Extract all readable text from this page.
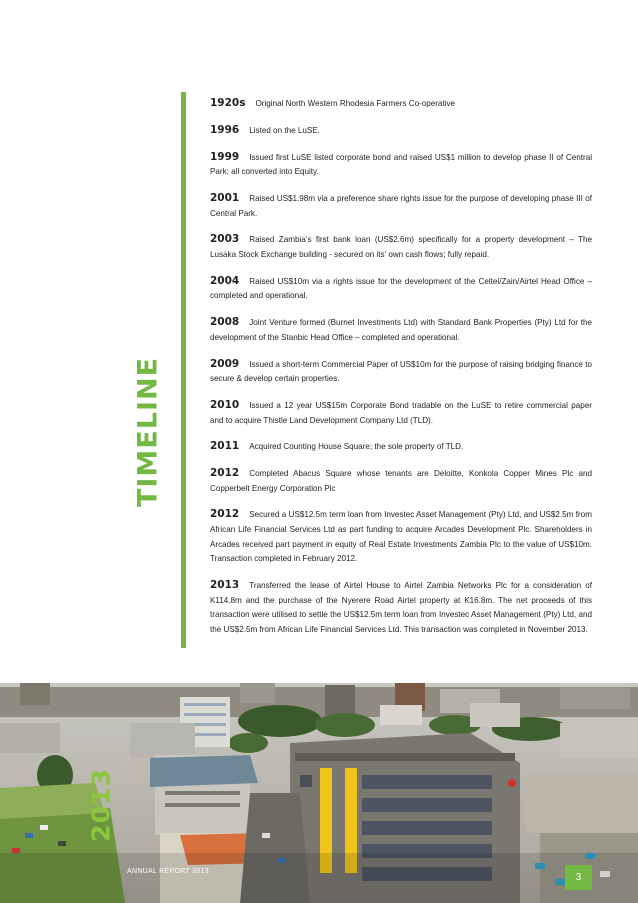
TIMELINE

1920s Original North Western Rhodesia Farmers Co-operative

1996 Listed on the LuSE.

1999 Issued first LuSE listed corporate bond and raised US$1 million to develop phase II of Central Park; all converted into Equity.

2001 Raised US$1.98m via a preference share rights issue for the purpose of developing phase III of Central Park.

2003 Raised Zambia’s first bank loan (US$2.6m) specifically for a property development – The Lusaka Stock Exchange building - secured on its’ own cash flows; fully repaid.

2004 Raised US$10m via a rights issue for the development of the Celtel/Zain/Airtel Head Office – completed and operational.

2008 Joint Venture formed (Burnet Investments Ltd) with Standard Bank Properties (Pty) Ltd for the development of the Stanbic Head Office – completed and operational.

2009 Issued a short-term Commercial Paper of US$10m for the purpose of raising bridging finance to secure & develop certain properties.

2010 Issued a 12 year US$15m Corporate Bond tradable on the LuSE to retire commercial paper and to acquire Thistle Land Development Company Ltd (TLD).

2011 Acquired Counting House Square; the sole property of TLD.

2012 Completed Abacus Square whose tenants are Deloitte, Konkola Copper Mines Plc and Copperbelt Energy Corporation Plc

2012 Secured a US$12.5m term loan from Investec Asset Management (Pty) Ltd, and US$2.5m from African Life Financial Services Ltd as part funding to acquire Arcades Development Plc. Shareholders in Arcades received part payment in equity of Real Estate Investments Zambia Plc to the value of US$10m. Transaction completed in February 2012.

2013 Transferred the lease of Airtel House to Airtel Zambia Networks Plc for a consideration of K114.8m and the purchase of the Nyerere Road Airtel property at K16.8m. The net proceeds of this transaction were utilised to settle the US$12.5m term loan from Investec Asset Management (Pty) Ltd, and the US$2.5m from African Life Financial Services Ltd. This transaction was completed in November 2013.

2013
ANNUAL REPORT 2013
3
